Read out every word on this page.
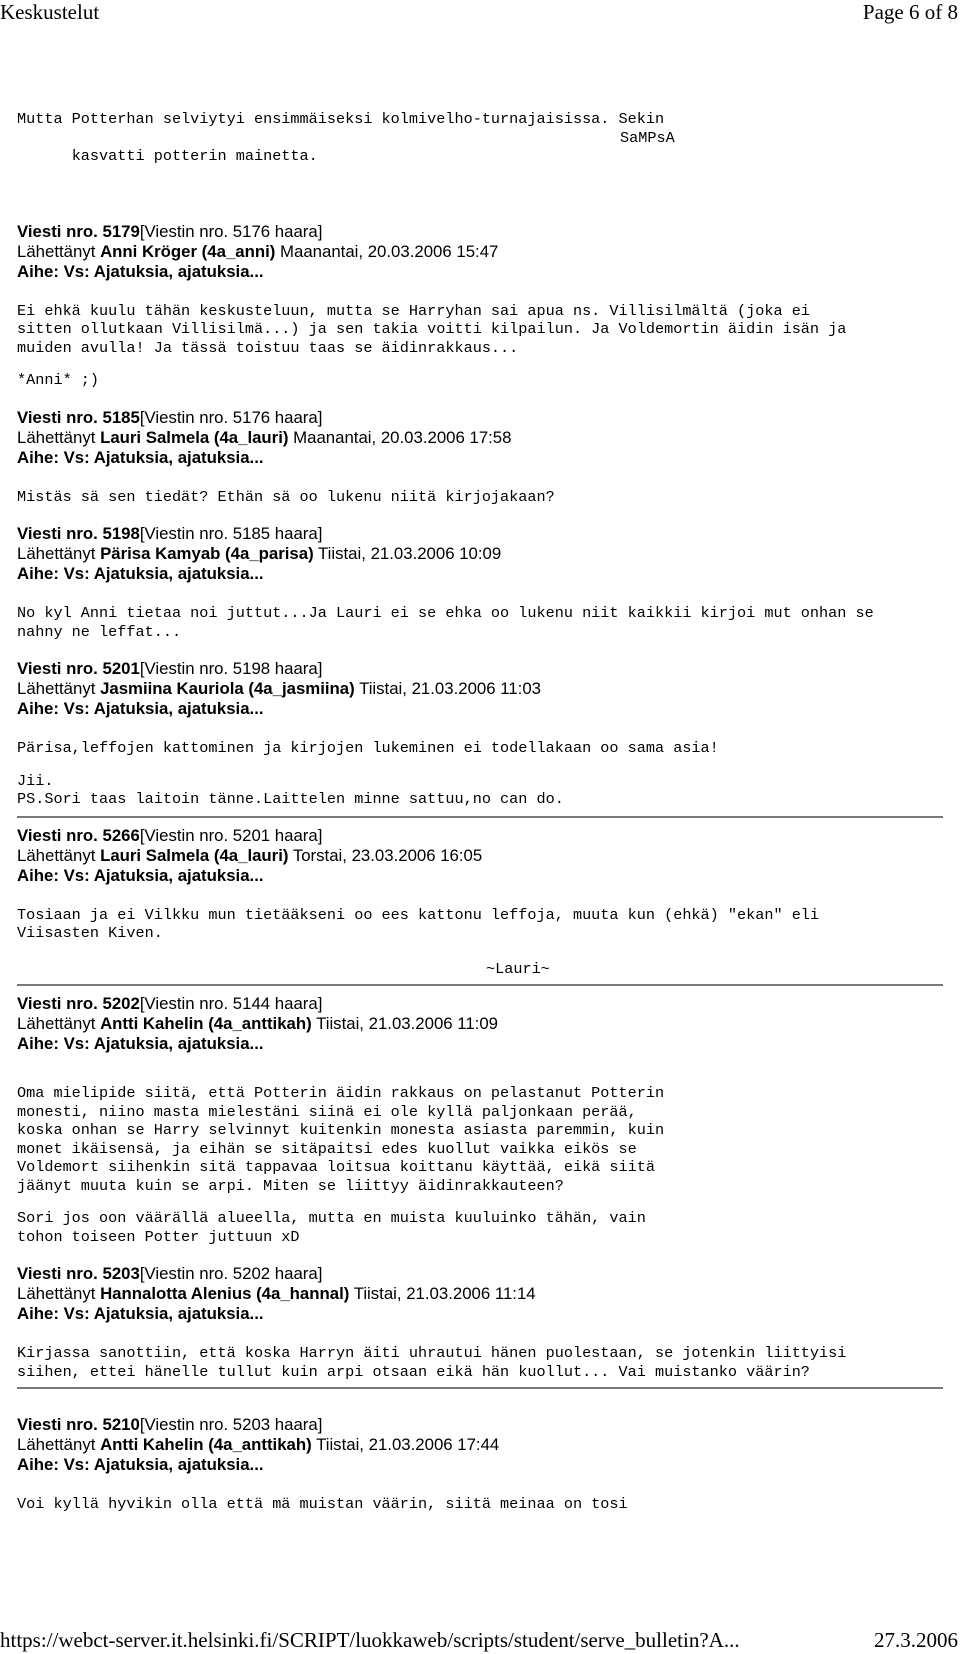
Keskustelut	Page 6 of 8
Mutta Potterhan selviytyi ensimmäiseksi kolmivelho-turnajaisissa. Sekin

kasvatti potterin mainetta.

SaMPsA

Viesti nro. 5179[Viestin nro. 5176 haara]
Lähettänyt Anni Kröger (4a_anni) Maanantai, 20.03.2006 15:47
Aihe: Vs: Ajatuksia, ajatuksia...
Ei ehkä kuulu tähän keskusteluun, mutta se Harryhan sai apua ns. Villisilmältä (joka ei
sitten ollutkaan Villisilmä...) ja sen takia voitti kilpailun. Ja Voldemortin äidin isän ja
muiden avulla! Ja tässä toistuu taas se äidinrakkaus...
*Anni* ;)
Viesti nro. 5185[Viestin nro. 5176 haara]
Lähettänyt Lauri Salmela (4a_lauri) Maanantai, 20.03.2006 17:58
Aihe: Vs: Ajatuksia, ajatuksia...
Mistäs sä sen tiedät? Ethän sä oo lukenu niitä kirjojakaan?
Viesti nro. 5198[Viestin nro. 5185 haara]
Lähettänyt Pärisa Kamyab (4a_parisa) Tiistai, 21.03.2006 10:09
Aihe: Vs: Ajatuksia, ajatuksia...
No kyl Anni tietaa noi juttut...Ja Lauri ei se ehka oo lukenu niit kaikkii kirjoi mut onhan se
nahny ne leffat...
Viesti nro. 5201[Viestin nro. 5198 haara]
Lähettänyt Jasmiina Kauriola (4a_jasmiina) Tiistai, 21.03.2006 11:03
Aihe: Vs: Ajatuksia, ajatuksia...
Pärisa,leffojen kattominen ja kirjojen lukeminen ei todellakaan oo sama asia!
Jii.
PS.Sori taas laitoin tänne.Laittelen minne sattuu,no can do.
Viesti nro. 5266[Viestin nro. 5201 haara]
Lähettänyt Lauri Salmela (4a_lauri) Torstai, 23.03.2006 16:05
Aihe: Vs: Ajatuksia, ajatuksia...
Tosiaan ja ei Vilkku mun tietääkseni oo ees kattonu leffoja, muuta kun (ehkä) "ekan" eli
Viisasten Kiven.
~Lauri~
Viesti nro. 5202[Viestin nro. 5144 haara]
Lähettänyt Antti Kahelin (4a_anttikah) Tiistai, 21.03.2006 11:09
Aihe: Vs: Ajatuksia, ajatuksia...
Oma mielipide siitä, että Potterin äidin rakkaus on pelastanut Potterin
monesti, niino masta mielestäni siinä ei ole kyllä paljonkaan perää,
koska onhan se Harry selvinnyt kuitenkin monesta asiasta paremmin, kuin
monet ikäisensä, ja eihän se sitäpaitsi edes kuollut vaikka eikös se
Voldemort siihenkin sitä tappavaa loitsua koittanu käyttää, eikä siitä
jäänyt muuta kuin se arpi. Miten se liittyy äidinrakkauteen?
Sori jos oon väärällä alueella, mutta en muista kuuluinko tähän, vain
tohon toiseen Potter juttuun xD
Viesti nro. 5203[Viestin nro. 5202 haara]
Lähettänyt Hannalotta Alenius (4a_hannal) Tiistai, 21.03.2006 11:14
Aihe: Vs: Ajatuksia, ajatuksia...
Kirjassa sanottiin, että koska Harryn äiti uhrautui hänen puolestaan, se jotenkin liittyisi
siihen, ettei hänelle tullut kuin arpi otsaan eikä hän kuollut... Vai muistanko väärin?
Viesti nro. 5210[Viestin nro. 5203 haara]
Lähettänyt Antti Kahelin (4a_anttikah) Tiistai, 21.03.2006 17:44
Aihe: Vs: Ajatuksia, ajatuksia...
Voi kyllä hyvikin olla että mä muistan väärin, siitä meinaa on tosi
https://webct-server.it.helsinki.fi/SCRIPT/luokkaweb/scripts/student/serve_bulletin?A...	27.3.2006
